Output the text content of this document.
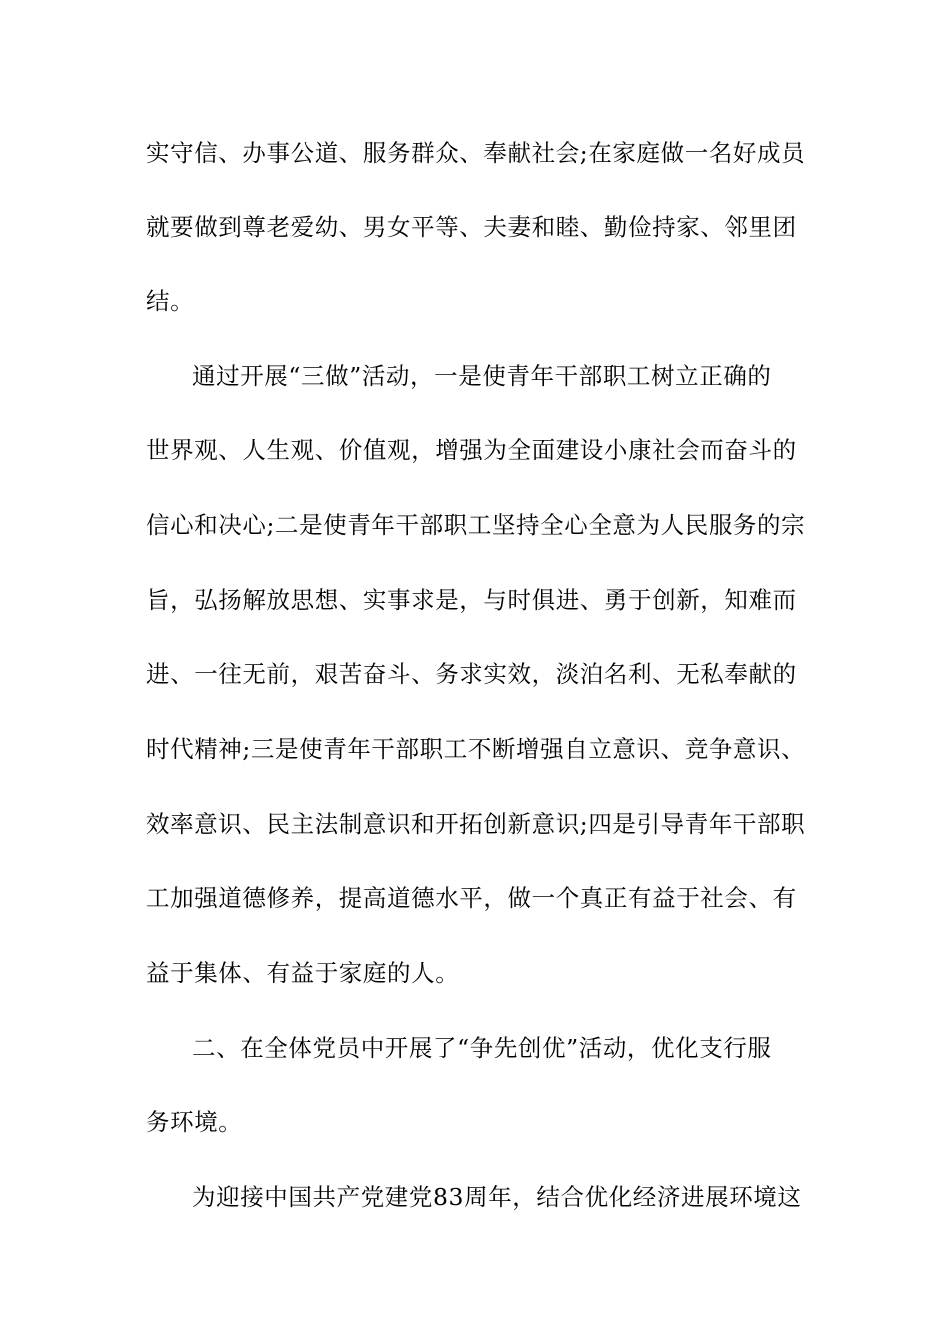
实守信、办事公道、服务群众、奉献社会;在家庭做一名好成员
就要做到尊老爱幼、男女平等、夫妻和睦、勤俭持家、邻里团
结。
通过开展“三做”活动，一是使青年干部职工树立正确的
世界观、人生观、价值观，增强为全面建设小康社会而奋斗的
信心和决心;二是使青年干部职工坚持全心全意为人民服务的宗
旨，弘扬解放思想、实事求是，与时俱进、勇于创新，知难而
进、一往无前，艰苦奋斗、务求实效，淡泊名利、无私奉献的
时代精神;三是使青年干部职工不断增强自立意识、竞争意识、
效率意识、民主法制意识和开拓创新意识;四是引导青年干部职
工加强道德修养，提高道德水平，做一个真正有益于社会、有
益于集体、有益于家庭的人。
二、在全体党员中开展了“争先创优”活动，优化支行服
务环境。
为迎接中国共产党建党83周年，结合优化经济进展环境这
